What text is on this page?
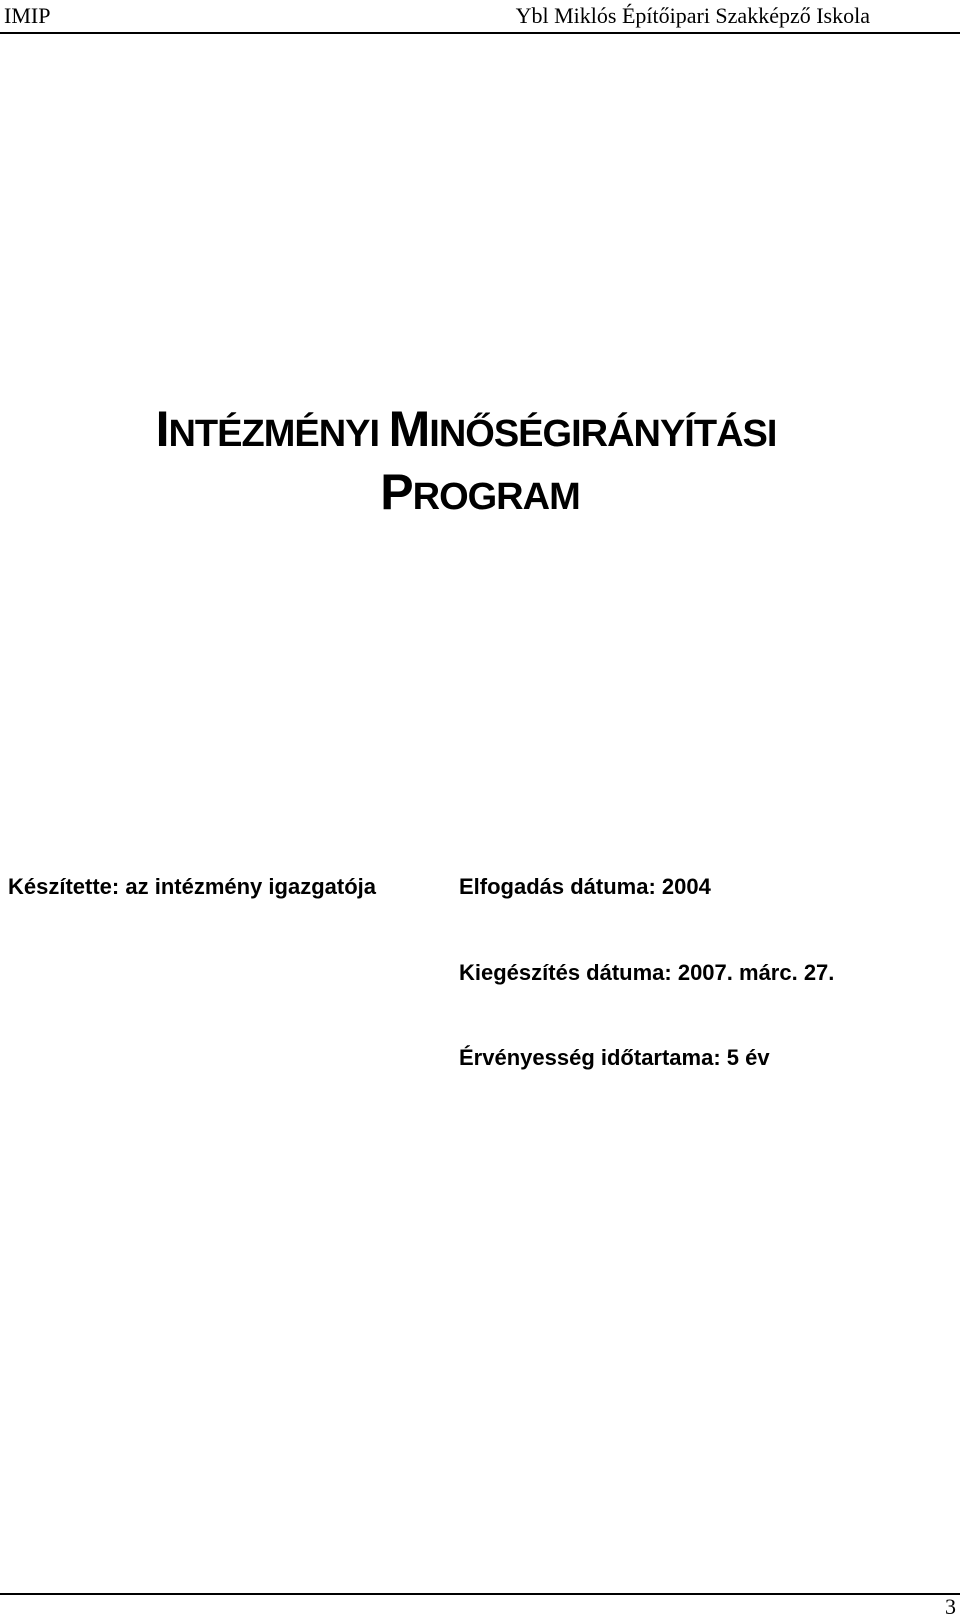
IMIP	Ybl Miklós Építőipari Szakképző Iskola
INTÉZMÉNYI MINŐSÉGIRÁNYÍTÁSI
PROGRAM
Készítette: az intézmény igazgatója	Elfogadás dátuma: 2004
Kiegészítés dátuma: 2007. márc. 27.
Érvényesség időtartama: 5 év
3
